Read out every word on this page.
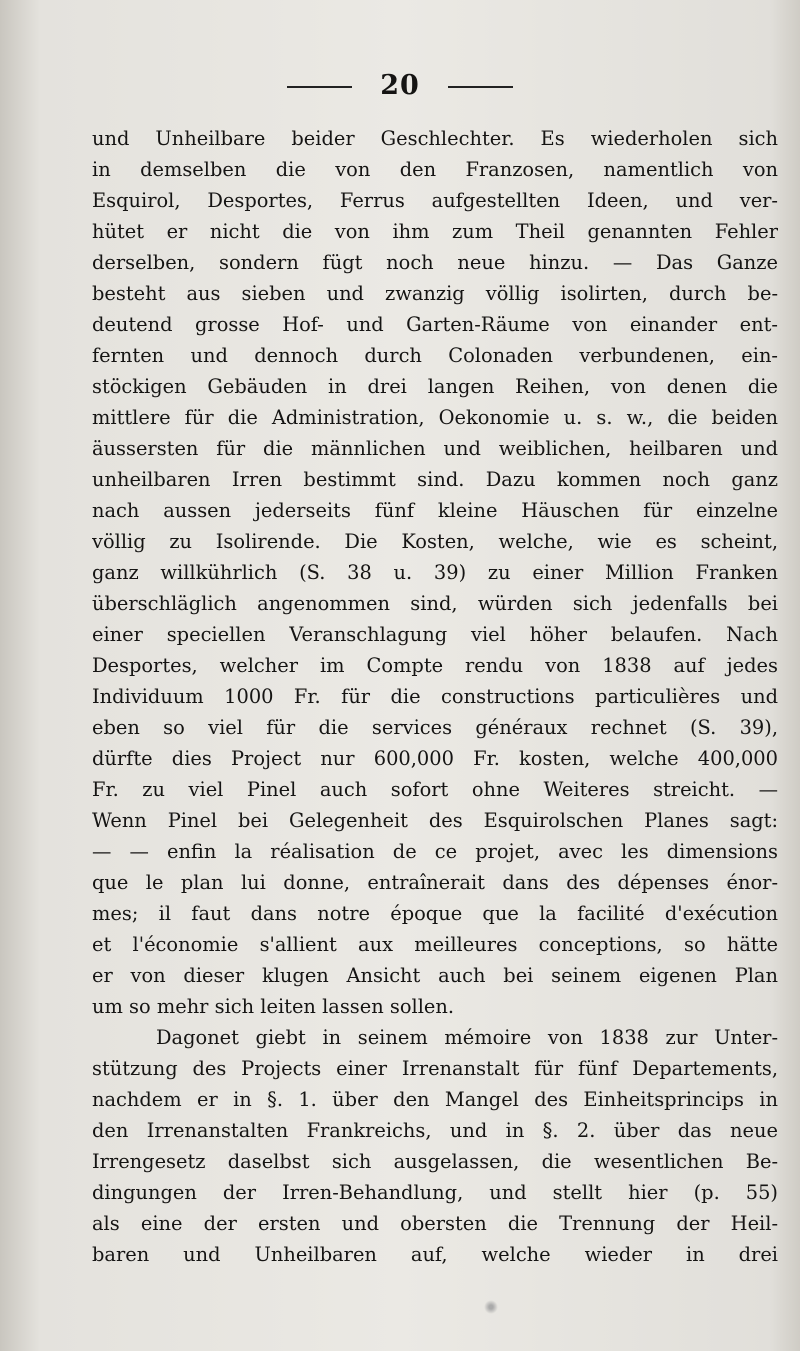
20
und Unheilbare beider Geschlechter. Es wiederholen sich
in demselben die von den Franzosen, namentlich von
Esquirol, Desportes, Ferrus aufgestellten Ideen, und ver-
hütet er nicht die von ihm zum Theil genannten Fehler
derselben, sondern fügt noch neue hinzu. — Das Ganze
besteht aus sieben und zwanzig völlig isolirten, durch be-
deutend grosse Hof- und Garten-Räume von einander ent-
fernten und dennoch durch Colonaden verbundenen, ein-
stöckigen Gebäuden in drei langen Reihen, von denen die
mittlere für die Administration, Oekonomie u. s. w., die beiden
äussersten für die männlichen und weiblichen, heilbaren und
unheilbaren Irren bestimmt sind. Dazu kommen noch ganz
nach aussen jederseits fünf kleine Häuschen für einzelne
völlig zu Isolirende. Die Kosten, welche, wie es scheint,
ganz willkührlich (S. 38 u. 39) zu einer Million Franken
überschläglich angenommen sind, würden sich jedenfalls bei
einer speciellen Veranschlagung viel höher belaufen. Nach
Desportes, welcher im Compte rendu von 1838 auf jedes
Individuum 1000 Fr. für die constructions particulières und
eben so viel für die services généraux rechnet (S. 39),
dürfte dies Project nur 600,000 Fr. kosten, welche 400,000
Fr. zu viel Pinel auch sofort ohne Weiteres streicht. —
Wenn Pinel bei Gelegenheit des Esquirolschen Planes sagt:
— — enfin la réalisation de ce projet, avec les dimensions
que le plan lui donne, entraînerait dans des dépenses énor-
mes; il faut dans notre époque que la facilité d'exécution
et l'économie s'allient aux meilleures conceptions, so hätte
er von dieser klugen Ansicht auch bei seinem eigenen Plan
um so mehr sich leiten lassen sollen.
Dagonet giebt in seinem mémoire von 1838 zur Unter-
stützung des Projects einer Irrenanstalt für fünf Departements,
nachdem er in §. 1. über den Mangel des Einheitsprincips in
den Irrenanstalten Frankreichs, und in §. 2. über das neue
Irrengesetz daselbst sich ausgelassen, die wesentlichen Be-
dingungen der Irren-Behandlung, und stellt hier (p. 55)
als eine der ersten und obersten die Trennung der Heil-
baren und Unheilbaren auf, welche wieder in drei
